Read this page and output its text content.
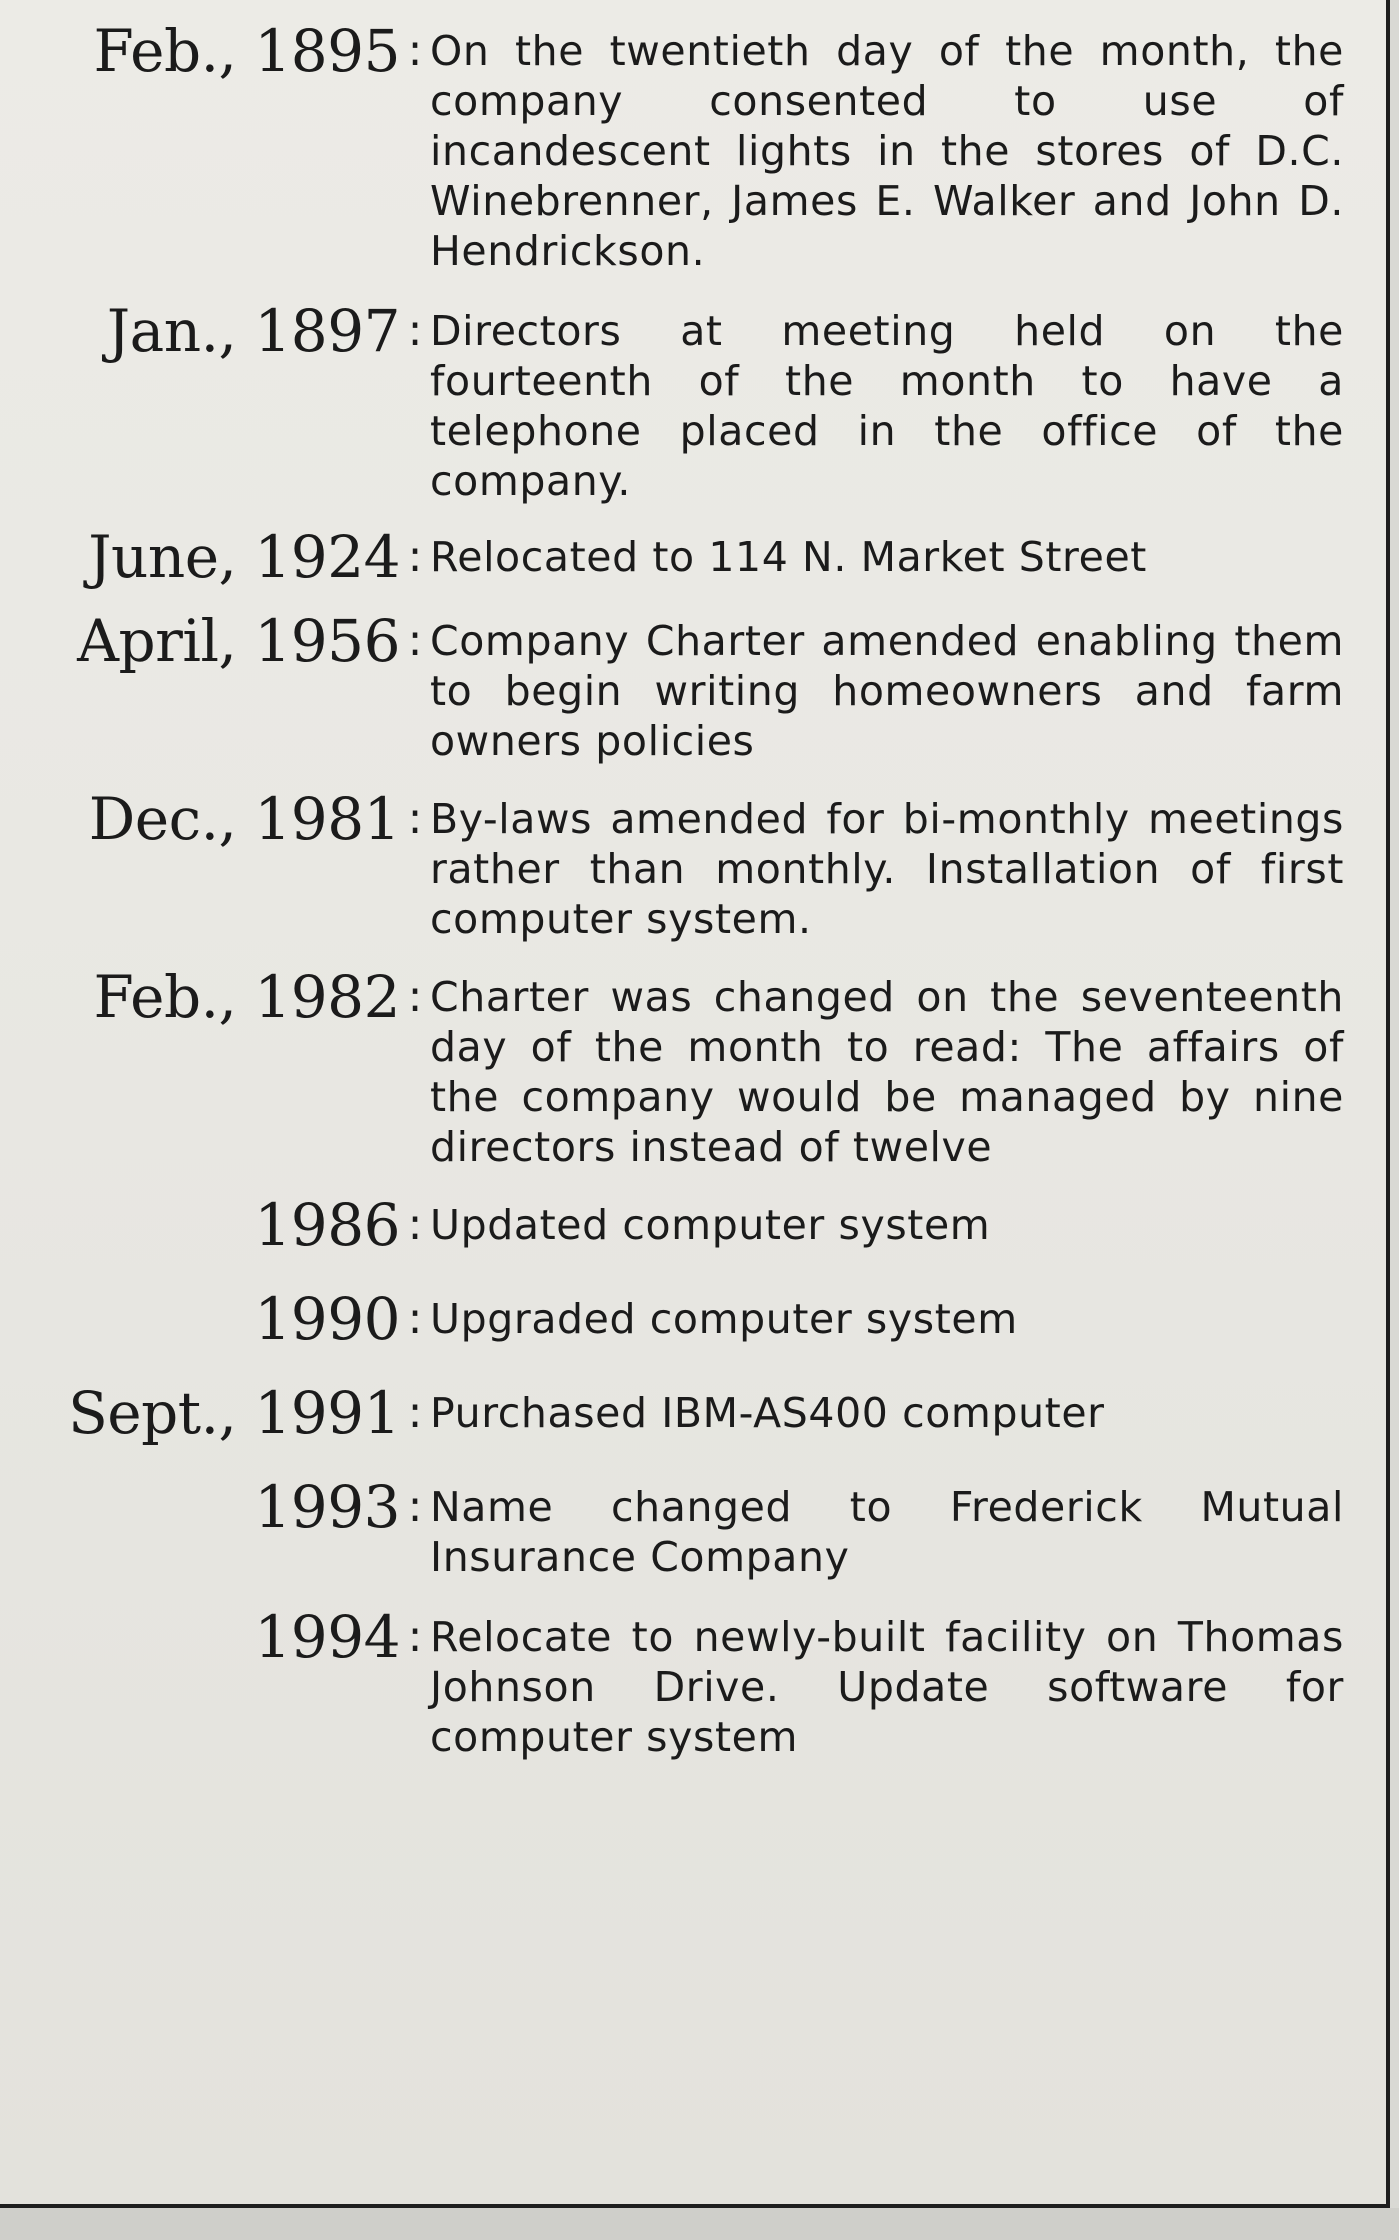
Feb., 1895 : On the twentieth day of the month, the company consented to use of incandescent lights in the stores of D.C. Winebrenner, James E. Walker and John D. Hendrickson.
Jan., 1897 : Directors at meeting held on the fourteenth of the month to have a telephone placed in the office of the company.
June, 1924 : Relocated to 114 N. Market Street
April, 1956 : Company Charter amended enabling them to begin writing homeowners and farm owners policies
Dec., 1981 : By-laws amended for bi-monthly meetings rather than monthly. Installation of first computer system.
Feb., 1982 : Charter was changed on the seventeenth day of the month to read: The affairs of the company would be managed by nine directors instead of twelve
1986 : Updated computer system
1990 : Upgraded computer system
Sept., 1991 : Purchased IBM-AS400 computer
1993 : Name changed to Frederick Mutual Insurance Company
1994 : Relocate to newly-built facility on Thomas Johnson Drive. Update software for computer system
